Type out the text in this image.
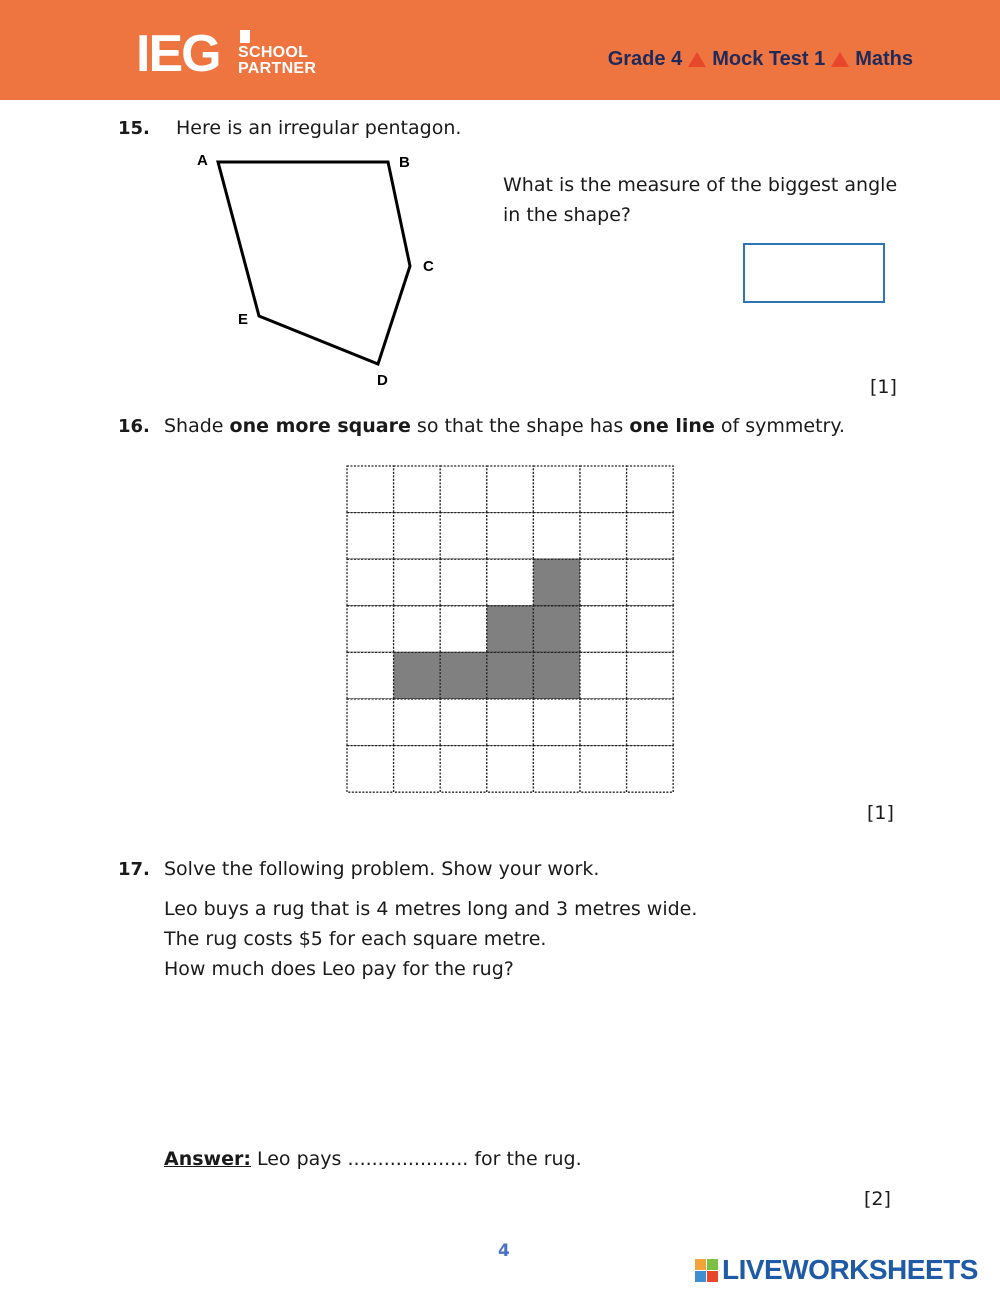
IEG SCHOOL
PARTNER	Grade 4 Mock Test 1 Maths
15. Here is an irregular pentagon.
A	B
C
D
E
What is the measure of the biggest angle
in the shape?
[1]
16. Shade one more square so that the shape has one line of symmetry.
[1]
17. Solve the following problem. Show your work.
Leo buys a rug that is 4 metres long and 3 metres wide.
The rug costs $5 for each square metre.
How much does Leo pay for the rug?
Answer: Leo pays .................... for the rug.
[2]
4
LIVEWORKSHEETS
